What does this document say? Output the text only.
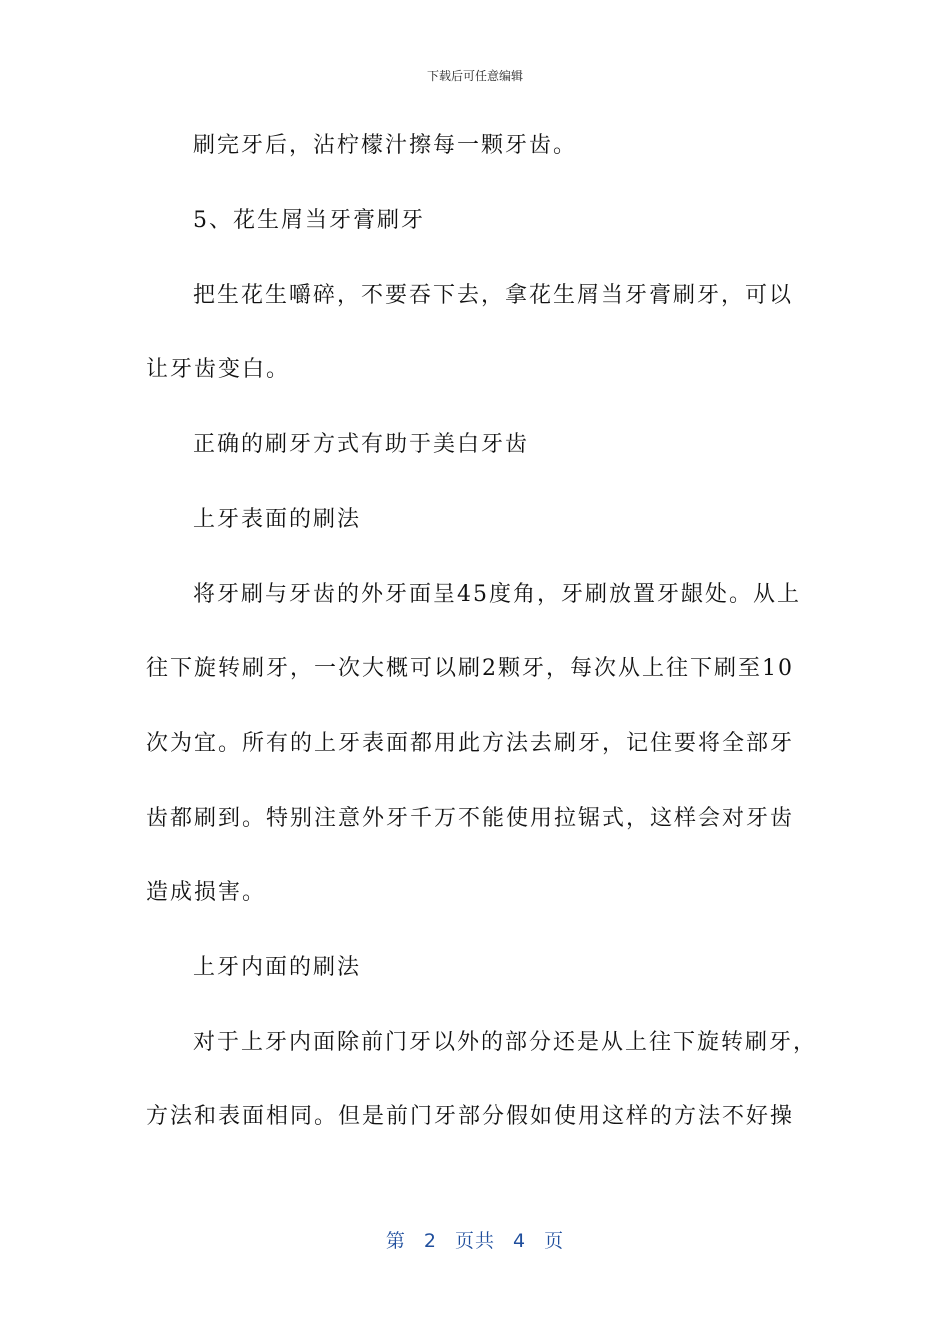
下载后可任意编辑
刷完牙后，沾柠檬汁擦每一颗牙齿。
5、花生屑当牙膏刷牙
把生花生嚼碎，不要吞下去，拿花生屑当牙膏刷牙，可以
让牙齿变白。
正确的刷牙方式有助于美白牙齿
上牙表面的刷法
将牙刷与牙齿的外牙面呈45度角，牙刷放置牙龈处。从上
往下旋转刷牙，一次大概可以刷2颗牙，每次从上往下刷至10
次为宜。所有的上牙表面都用此方法去刷牙，记住要将全部牙
齿都刷到。特别注意外牙千万不能使用拉锯式，这样会对牙齿
造成损害。
上牙内面的刷法
对于上牙内面除前门牙以外的部分还是从上往下旋转刷牙，
方法和表面相同。但是前门牙部分假如使用这样的方法不好操
第 2 页共 4 页
